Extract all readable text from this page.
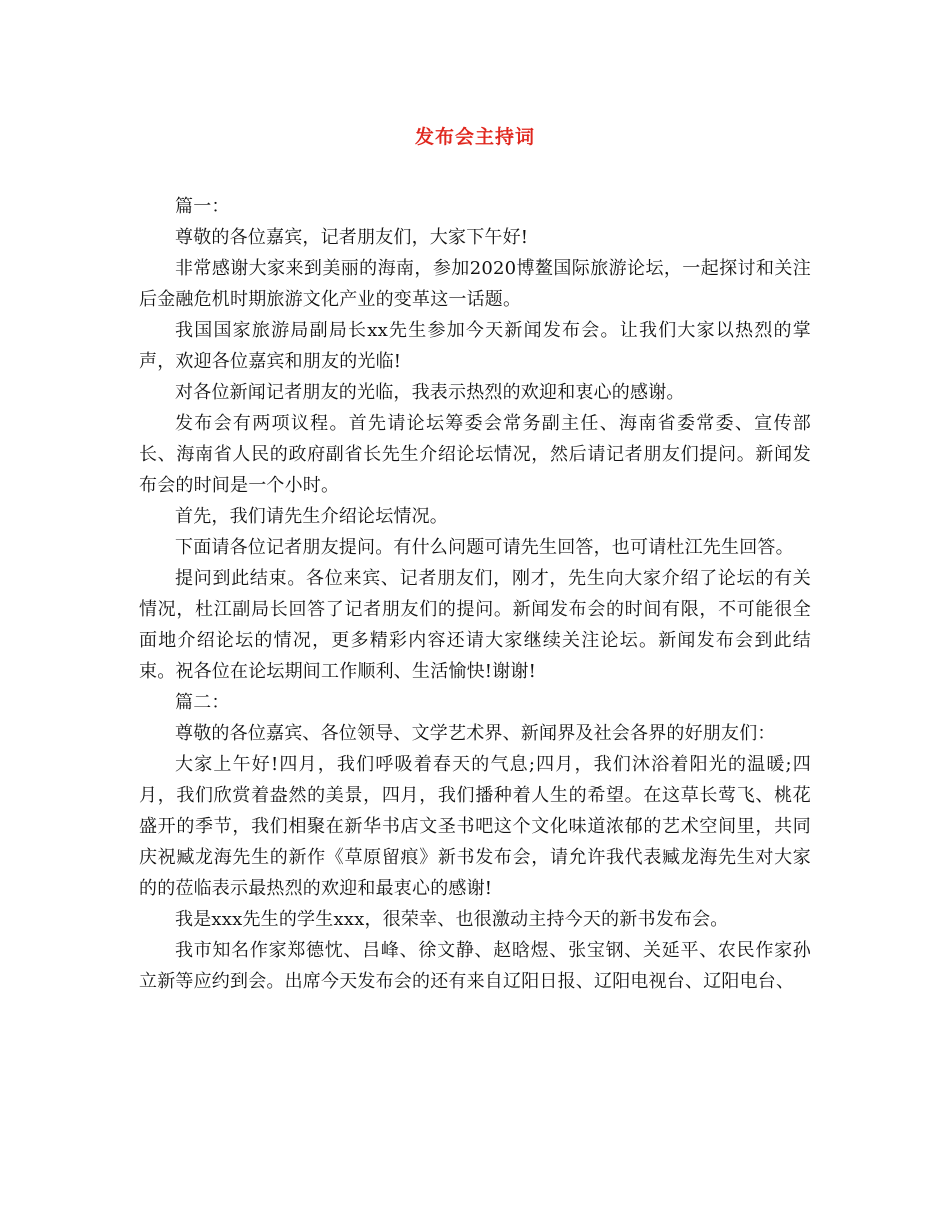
发布会主持词

篇一：

尊敬的各位嘉宾，记者朋友们，大家下午好!

非常感谢大家来到美丽的海南，参加2020博鳌国际旅游论坛，一起探讨和关注后金融危机时期旅游文化产业的变革这一话题。

我国国家旅游局副局长xx先生参加今天新闻发布会。让我们大家以热烈的掌声，欢迎各位嘉宾和朋友的光临!

对各位新闻记者朋友的光临，我表示热烈的欢迎和衷心的感谢。

发布会有两项议程。首先请论坛筹委会常务副主任、海南省委常委、宣传部长、海南省人民的政府副省长先生介绍论坛情况，然后请记者朋友们提问。新闻发布会的时间是一个小时。

首先，我们请先生介绍论坛情况。

下面请各位记者朋友提问。有什么问题可请先生回答，也可请杜江先生回答。

提问到此结束。各位来宾、记者朋友们，刚才，先生向大家介绍了论坛的有关情况，杜江副局长回答了记者朋友们的提问。新闻发布会的时间有限，不可能很全面地介绍论坛的情况，更多精彩内容还请大家继续关注论坛。新闻发布会到此结束。祝各位在论坛期间工作顺利、生活愉快!谢谢!

篇二：

尊敬的各位嘉宾、各位领导、文学艺术界、新闻界及社会各界的好朋友们：

大家上午好!四月，我们呼吸着春天的气息;四月，我们沐浴着阳光的温暖;四月，我们欣赏着盎然的美景，四月，我们播种着人生的希望。在这草长莺飞、桃花盛开的季节，我们相聚在新华书店文圣书吧这个文化味道浓郁的艺术空间里，共同庆祝臧龙海先生的新作《草原留痕》新书发布会，请允许我代表臧龙海先生对大家的的莅临表示最热烈的欢迎和最衷心的感谢!

我是xxx先生的学生xxx，很荣幸、也很激动主持今天的新书发布会。

我市知名作家郑德忱、吕峰、徐文静、赵晗煜、张宝钢、关延平、农民作家孙立新等应约到会。出席今天发布会的还有来自辽阳日报、辽阳电视台、辽阳电台、
